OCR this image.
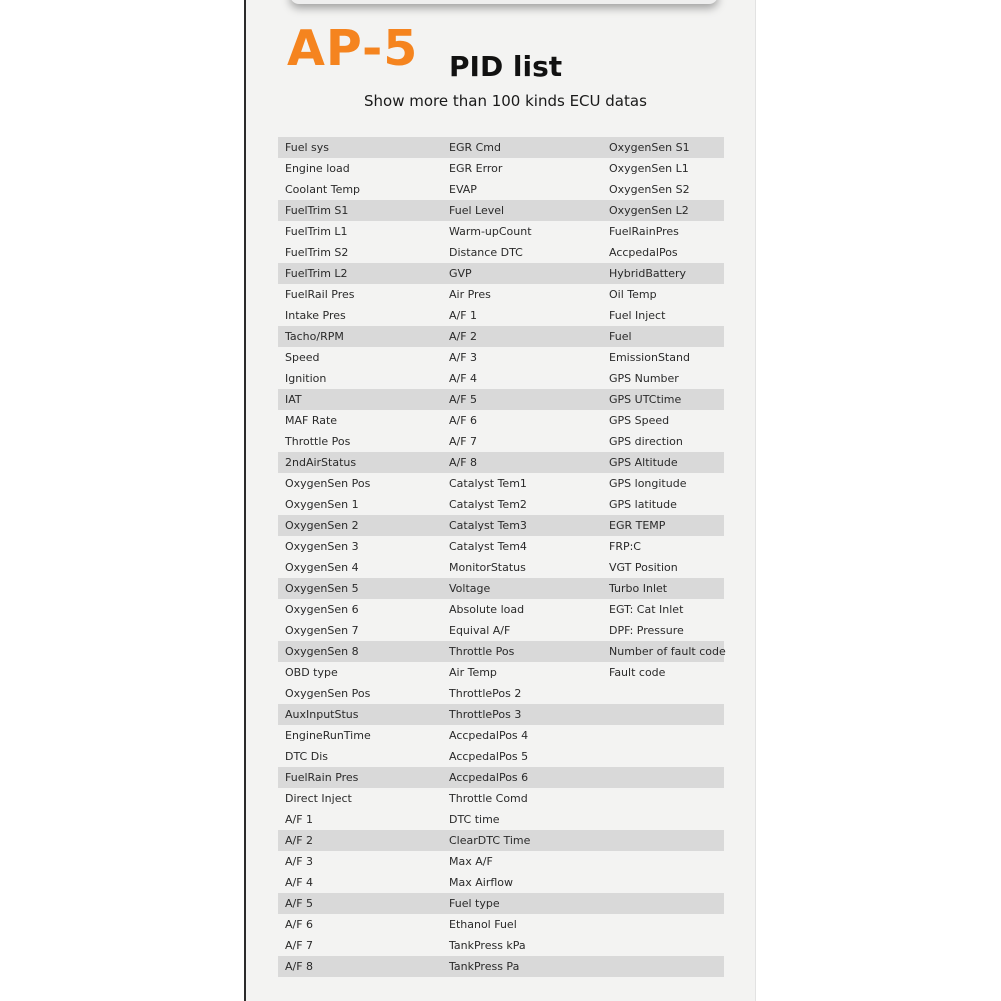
AP-5 PID list

Show more than 100 kinds ECU datas

Fuel sys	EGR Cmd	OxygenSen S1
Engine load	EGR Error	OxygenSen L1
Coolant Temp	EVAP	OxygenSen S2
FuelTrim S1	Fuel Level	OxygenSen L2
FuelTrim L1	Warm-upCount	FuelRainPres
FuelTrim S2	Distance DTC	AccpedalPos
FuelTrim L2	GVP	HybridBattery
FuelRail Pres	Air Pres	Oil Temp
Intake Pres	A/F 1	Fuel Inject
Tacho/RPM	A/F 2	Fuel
Speed	A/F 3	EmissionStand
Ignition	A/F 4	GPS Number
IAT	A/F 5	GPS UTCtime
MAF Rate	A/F 6	GPS Speed
Throttle Pos	A/F 7	GPS direction
2ndAirStatus	A/F 8	GPS Altitude
OxygenSen Pos	Catalyst Tem1	GPS longitude
OxygenSen 1	Catalyst Tem2	GPS latitude
OxygenSen 2	Catalyst Tem3	EGR TEMP
OxygenSen 3	Catalyst Tem4	FRP:C
OxygenSen 4	MonitorStatus	VGT Position
OxygenSen 5	Voltage	Turbo Inlet
OxygenSen 6	Absolute load	EGT: Cat Inlet
OxygenSen 7	Equival A/F	DPF: Pressure
OxygenSen 8	Throttle Pos	Number of fault code
OBD type	Air Temp	Fault code
OxygenSen Pos	ThrottlePos 2
AuxInputStus	ThrottlePos 3
EngineRunTime	AccpedalPos 4
DTC Dis	AccpedalPos 5
FuelRain Pres	AccpedalPos 6
Direct Inject	Throttle Comd
A/F 1	DTC time
A/F 2	ClearDTC Time
A/F 3	Max A/F
A/F 4	Max Airflow
A/F 5	Fuel type
A/F 6	Ethanol Fuel
A/F 7	TankPress kPa
A/F 8	TankPress Pa
